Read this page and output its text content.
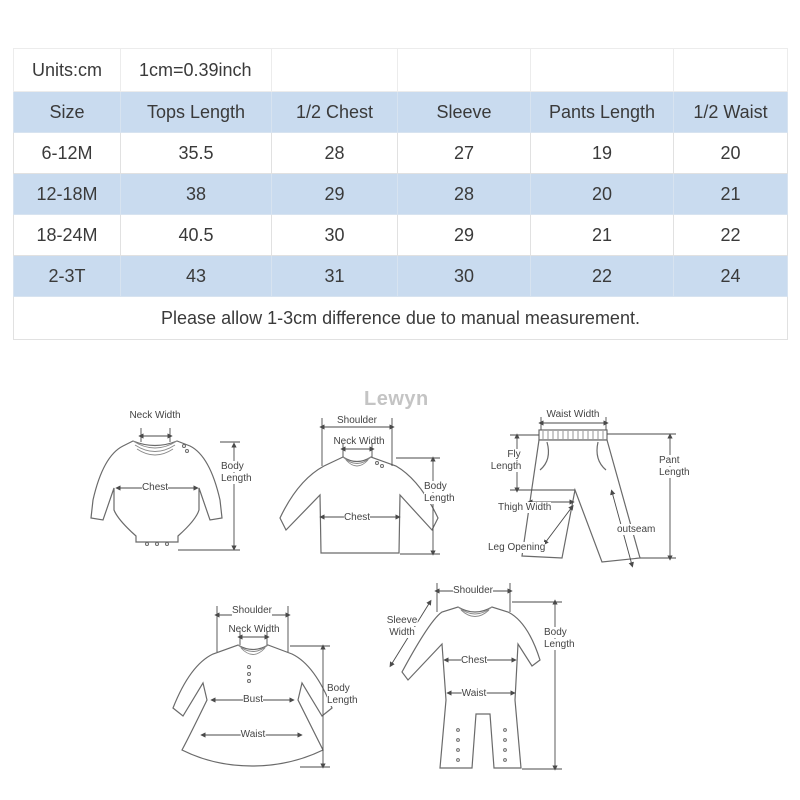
Units:cm	1cm=0.39inch				
Size	Tops Length	1/2 Chest	Sleeve	Pants Length	1/2 Waist
6-12M	35.5	28	27	19	20
12-18M	38	29	28	20	21
18-24M	40.5	30	29	21	22
2-3T	43	31	30	22	24
Please allow 1-3cm difference due to manual measurement.					
Lewyn
Neck Width
Chest
Body
Length
Shoulder
Neck Width
Chest
Body
Length
Waist Width
Fly
Length
Pant
Length
Thigh Width
outseam
Leg Opening
Shoulder
Neck Width
Bust
Waist
Body
Length
Shoulder
Sleeve
Width
Chest
Waist
Body
Length
